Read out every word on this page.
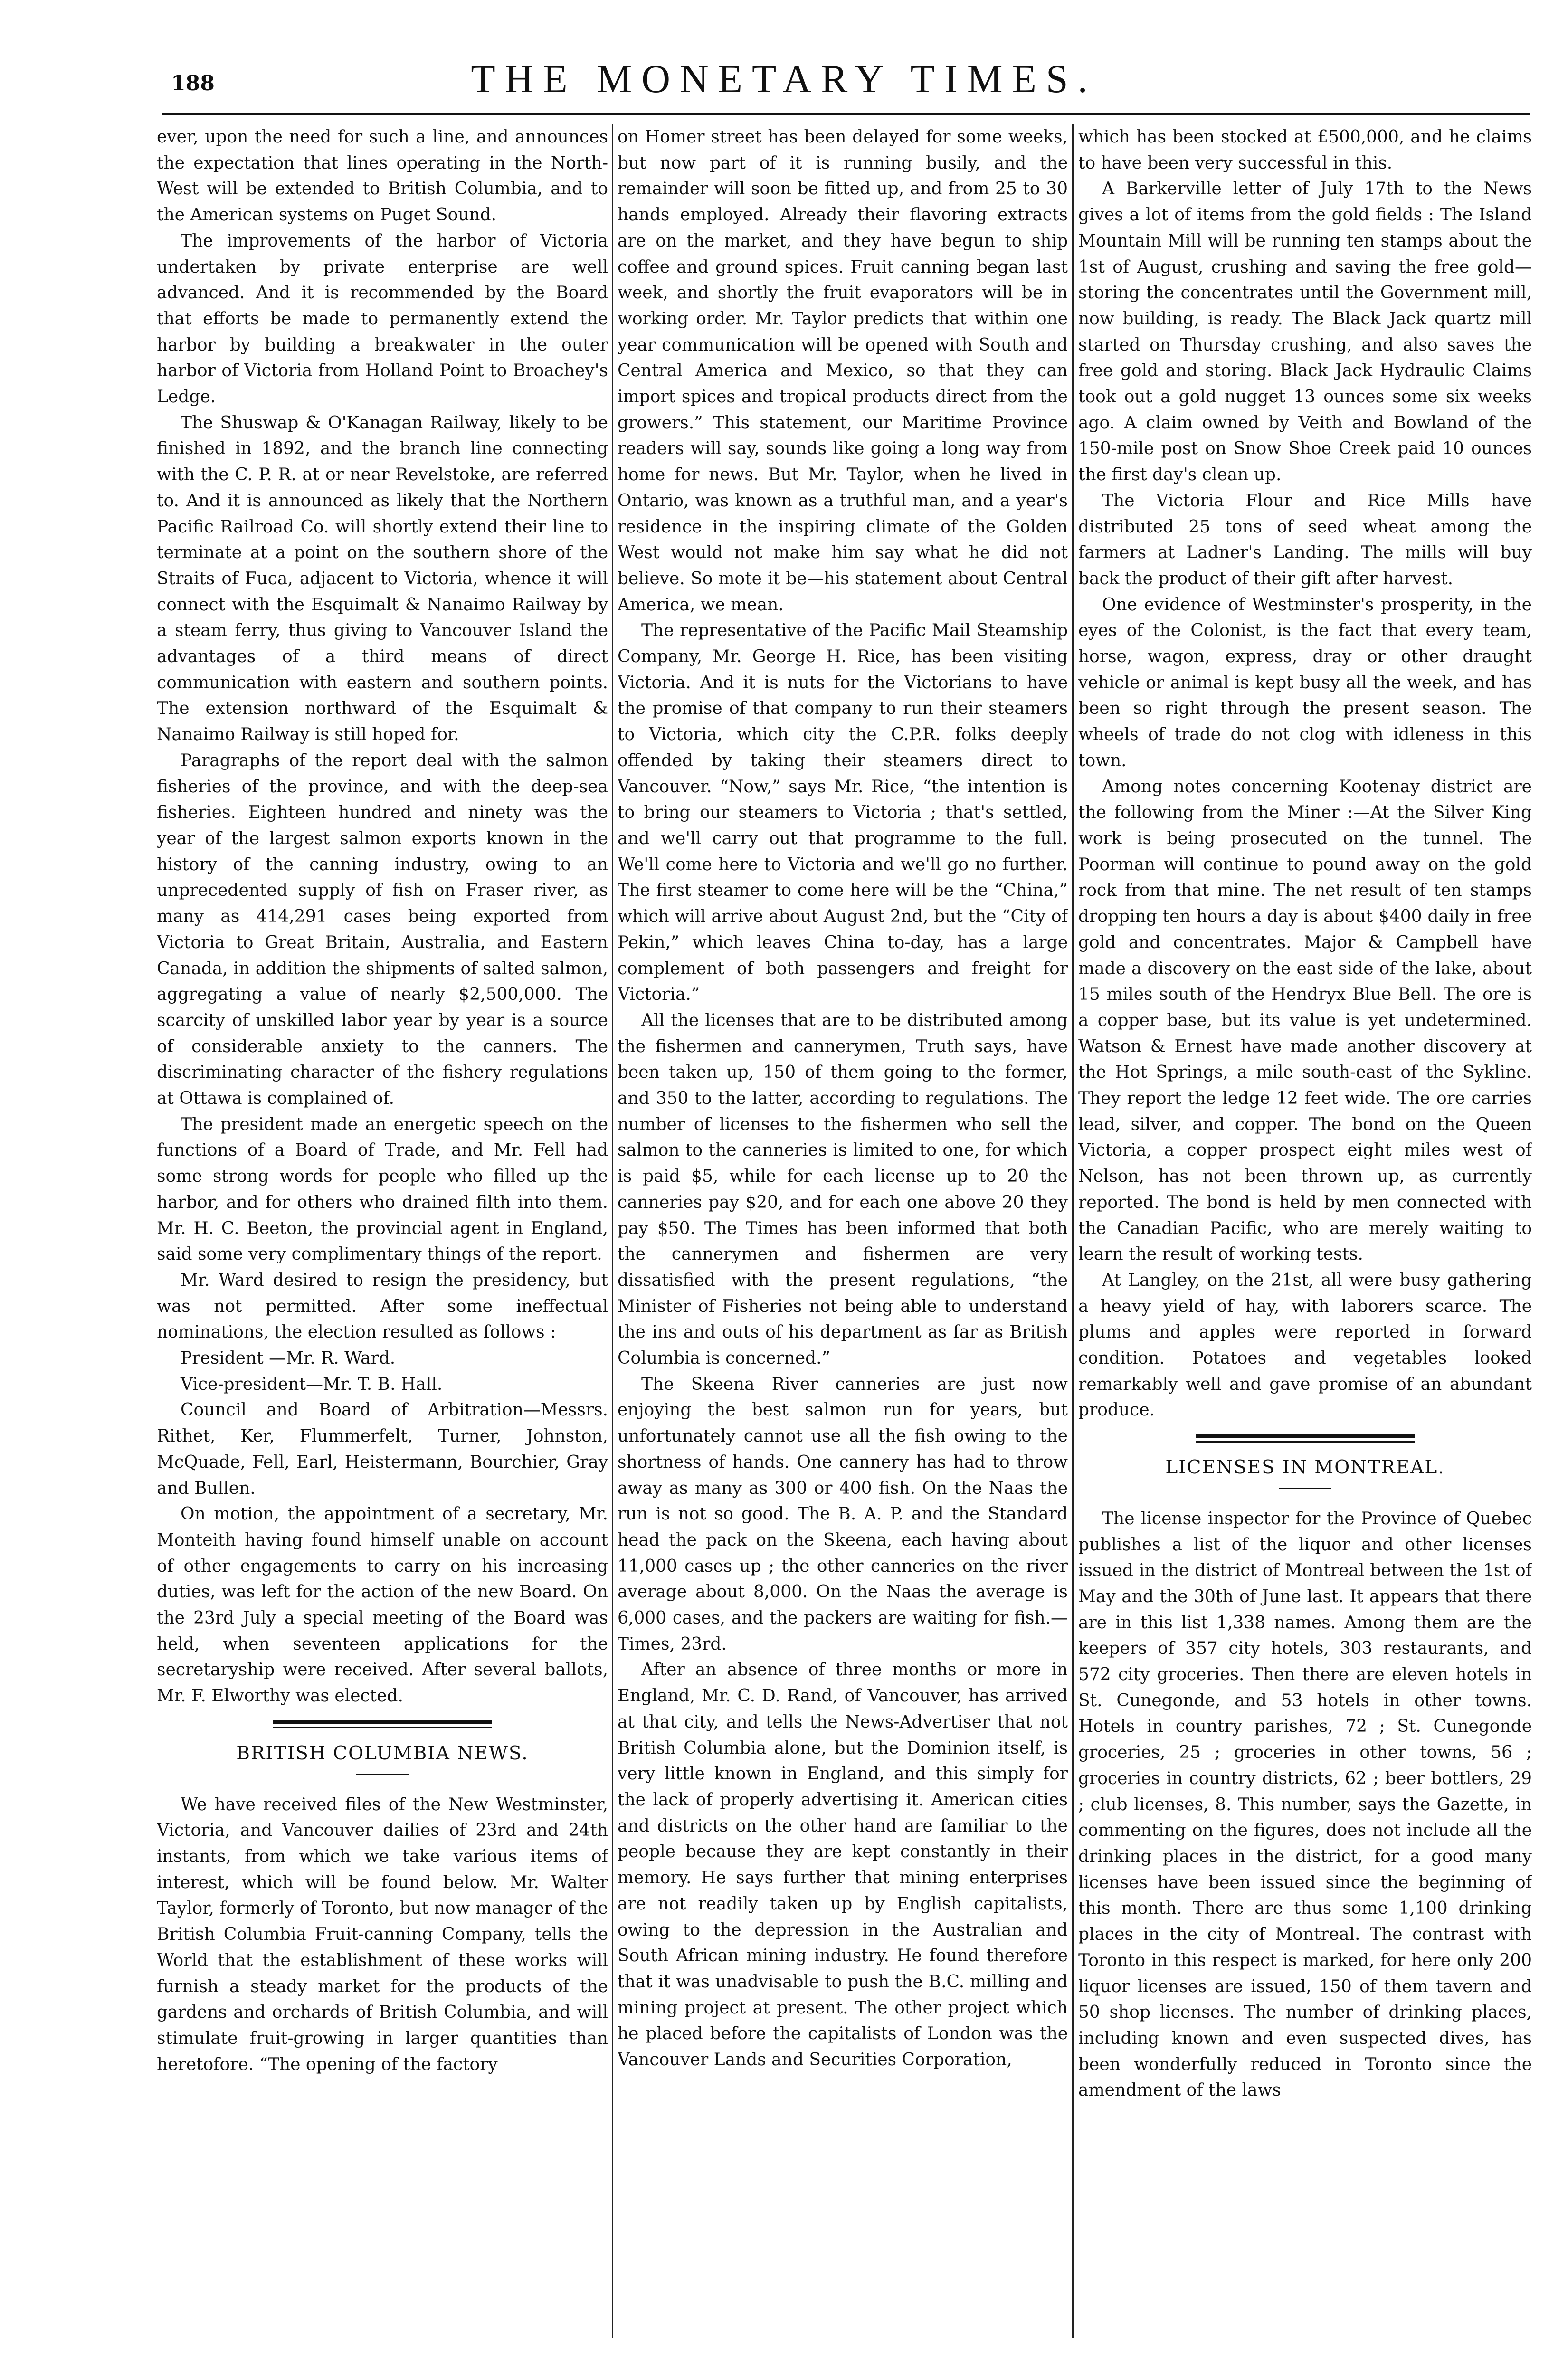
188	THE MONETARY TIMES.

ever, upon the need for such a line, and announces the expectation that lines operating in the North-West will be extended to British Columbia, and to the American systems on Puget Sound.

The improvements of the harbor of Victoria undertaken by private enterprise are well advanced. And it is recommended by the Board that efforts be made to permanently extend the harbor by building a breakwater in the outer harbor of Victoria from Holland Point to Broachey's Ledge.

The Shuswap & O'Kanagan Railway, likely to be finished in 1892, and the branch line connecting with the C. P. R. at or near Revelstoke, are referred to. And it is announced as likely that the Northern Pacific Railroad Co. will shortly extend their line to terminate at a point on the southern shore of the Straits of Fuca, adjacent to Victoria, whence it will connect with the Esquimalt & Nanaimo Railway by a steam ferry, thus giving to Vancouver Island the advantages of a third means of direct communication with eastern and southern points. The extension northward of the Esquimalt & Nanaimo Railway is still hoped for.

Paragraphs of the report deal with the salmon fisheries of the province, and with the deep-sea fisheries. Eighteen hundred and ninety was the year of the largest salmon exports known in the history of the canning industry, owing to an unprecedented supply of fish on Fraser river, as many as 414,291 cases being exported from Victoria to Great Britain, Australia, and Eastern Canada, in addition the shipments of salted salmon, aggregating a value of nearly $2,500,000. The scarcity of unskilled labor year by year is a source of considerable anxiety to the canners. The discriminating character of the fishery regulations at Ottawa is complained of.

The president made an energetic speech on the functions of a Board of Trade, and Mr. Fell had some strong words for people who filled up the harbor, and for others who drained filth into them. Mr. H. C. Beeton, the provincial agent in England, said some very complimentary things of the report.

Mr. Ward desired to resign the presidency, but was not permitted. After some ineffectual nominations, the election resulted as follows :

President —Mr. R. Ward.

Vice-president—Mr. T. B. Hall.

Council and Board of Arbitration—Messrs. Rithet, Ker, Flummerfelt, Turner, Johnston, McQuade, Fell, Earl, Heistermann, Bourchier, Gray and Bullen.

On motion, the appointment of a secretary, Mr. Monteith having found himself unable on account of other engagements to carry on his increasing duties, was left for the action of the new Board. On the 23rd July a special meeting of the Board was held, when seventeen applications for the secretaryship were received. After several ballots, Mr. F. Elworthy was elected.

BRITISH COLUMBIA NEWS.

We have received files of the New Westminster, Victoria, and Vancouver dailies of 23rd and 24th instants, from which we take various items of interest, which will be found below. Mr. Walter Taylor, formerly of Toronto, but now manager of the British Columbia Fruit-canning Company, tells the World that the establishment of these works will furnish a steady market for the products of the gardens and orchards of British Columbia, and will stimulate fruit-growing in larger quantities than heretofore. “The opening of the factory

on Homer street has been delayed for some weeks, but now part of it is running busily, and the remainder will soon be fitted up, and from 25 to 30 hands employed. Already their flavoring extracts are on the market, and they have begun to ship coffee and ground spices. Fruit canning began last week, and shortly the fruit evaporators will be in working order. Mr. Taylor predicts that within one year communication will be opened with South and Central America and Mexico, so that they can import spices and tropical products direct from the growers.” This statement, our Maritime Province readers will say, sounds like going a long way from home for news. But Mr. Taylor, when he lived in Ontario, was known as a truthful man, and a year's residence in the inspiring climate of the Golden West would not make him say what he did not believe. So mote it be—his statement about Central America, we mean.

The representative of the Pacific Mail Steamship Company, Mr. George H. Rice, has been visiting Victoria. And it is nuts for the Victorians to have the promise of that company to run their steamers to Victoria, which city the C.P.R. folks deeply offended by taking their steamers direct to Vancouver. “Now,” says Mr. Rice, “the intention is to bring our steamers to Victoria ; that's settled, and we'll carry out that programme to the full. We'll come here to Victoria and we'll go no further. The first steamer to come here will be the “China,” which will arrive about August 2nd, but the “City of Pekin,” which leaves China to-day, has a large complement of both passengers and freight for Victoria.”

All the licenses that are to be distributed among the fishermen and cannerymen, Truth says, have been taken up, 150 of them going to the former, and 350 to the latter, according to regulations. The number of licenses to the fishermen who sell the salmon to the canneries is limited to one, for which is paid $5, while for each license up to 20 the canneries pay $20, and for each one above 20 they pay $50. The Times has been informed that both the cannerymen and fishermen are very dissatisfied with the present regulations, “the Minister of Fisheries not being able to understand the ins and outs of his department as far as British Columbia is concerned.”

The Skeena River canneries are just now enjoying the best salmon run for years, but unfortunately cannot use all the fish owing to the shortness of hands. One cannery has had to throw away as many as 300 or 400 fish. On the Naas the run is not so good. The B. A. P. and the Standard head the pack on the Skeena, each having about 11,000 cases up ; the other canneries on the river average about 8,000. On the Naas the average is 6,000 cases, and the packers are waiting for fish.—Times, 23rd.

After an absence of three months or more in England, Mr. C. D. Rand, of Vancouver, has arrived at that city, and tells the News-Advertiser that not British Columbia alone, but the Dominion itself, is very little known in England, and this simply for the lack of properly advertising it. American cities and districts on the other hand are familiar to the people because they are kept constantly in their memory. He says further that mining enterprises are not readily taken up by English capitalists, owing to the depression in the Australian and South African mining industry. He found therefore that it was unadvisable to push the B.C. milling and mining project at present. The other project which he placed before the capitalists of London was the Vancouver Lands and Securities Corporation,

which has been stocked at £500,000, and he claims to have been very successful in this.

A Barkerville letter of July 17th to the News gives a lot of items from the gold fields : The Island Mountain Mill will be running ten stamps about the 1st of August, crushing and saving the free gold—storing the concentrates until the Government mill, now building, is ready. The Black Jack quartz mill started on Thursday crushing, and also saves the free gold and storing. Black Jack Hydraulic Claims took out a gold nugget 13 ounces some six weeks ago. A claim owned by Veith and Bowland of the 150-mile post on Snow Shoe Creek paid 10 ounces the first day's clean up.

The Victoria Flour and Rice Mills have distributed 25 tons of seed wheat among the farmers at Ladner's Landing. The mills will buy back the product of their gift after harvest.

One evidence of Westminster's prosperity, in the eyes of the Colonist, is the fact that every team, horse, wagon, express, dray or other draught vehicle or animal is kept busy all the week, and has been so right through the present season. The wheels of trade do not clog with idleness in this town.

Among notes concerning Kootenay district are the following from the Miner :—At the Silver King work is being prosecuted on the tunnel. The Poorman will continue to pound away on the gold rock from that mine. The net result of ten stamps dropping ten hours a day is about $400 daily in free gold and concentrates. Major & Campbell have made a discovery on the east side of the lake, about 15 miles south of the Hendryx Blue Bell. The ore is a copper base, but its value is yet undetermined. Watson & Ernest have made another discovery at the Hot Springs, a mile south-east of the Sykline. They report the ledge 12 feet wide. The ore carries lead, silver, and copper. The bond on the Queen Victoria, a copper prospect eight miles west of Nelson, has not been thrown up, as currently reported. The bond is held by men connected with the Canadian Pacific, who are merely waiting to learn the result of working tests.

At Langley, on the 21st, all were busy gathering a heavy yield of hay, with laborers scarce. The plums and apples were reported in forward condition. Potatoes and vegetables looked remarkably well and gave promise of an abundant produce.

LICENSES IN MONTREAL.

The license inspector for the Province of Quebec publishes a list of the liquor and other licenses issued in the district of Montreal between the 1st of May and the 30th of June last. It appears that there are in this list 1,338 names. Among them are the keepers of 357 city hotels, 303 restaurants, and 572 city groceries. Then there are eleven hotels in St. Cunegonde, and 53 hotels in other towns. Hotels in country parishes, 72 ; St. Cunegonde groceries, 25 ; groceries in other towns, 56 ; groceries in country districts, 62 ; beer bottlers, 29 ; club licenses, 8. This number, says the Gazette, in commenting on the figures, does not include all the drinking places in the district, for a good many licenses have been issued since the beginning of this month. There are thus some 1,100 drinking places in the city of Montreal. The contrast with Toronto in this respect is marked, for here only 200 liquor licenses are issued, 150 of them tavern and 50 shop licenses. The number of drinking places, including known and even suspected dives, has been wonderfully reduced in Toronto since the amendment of the laws
